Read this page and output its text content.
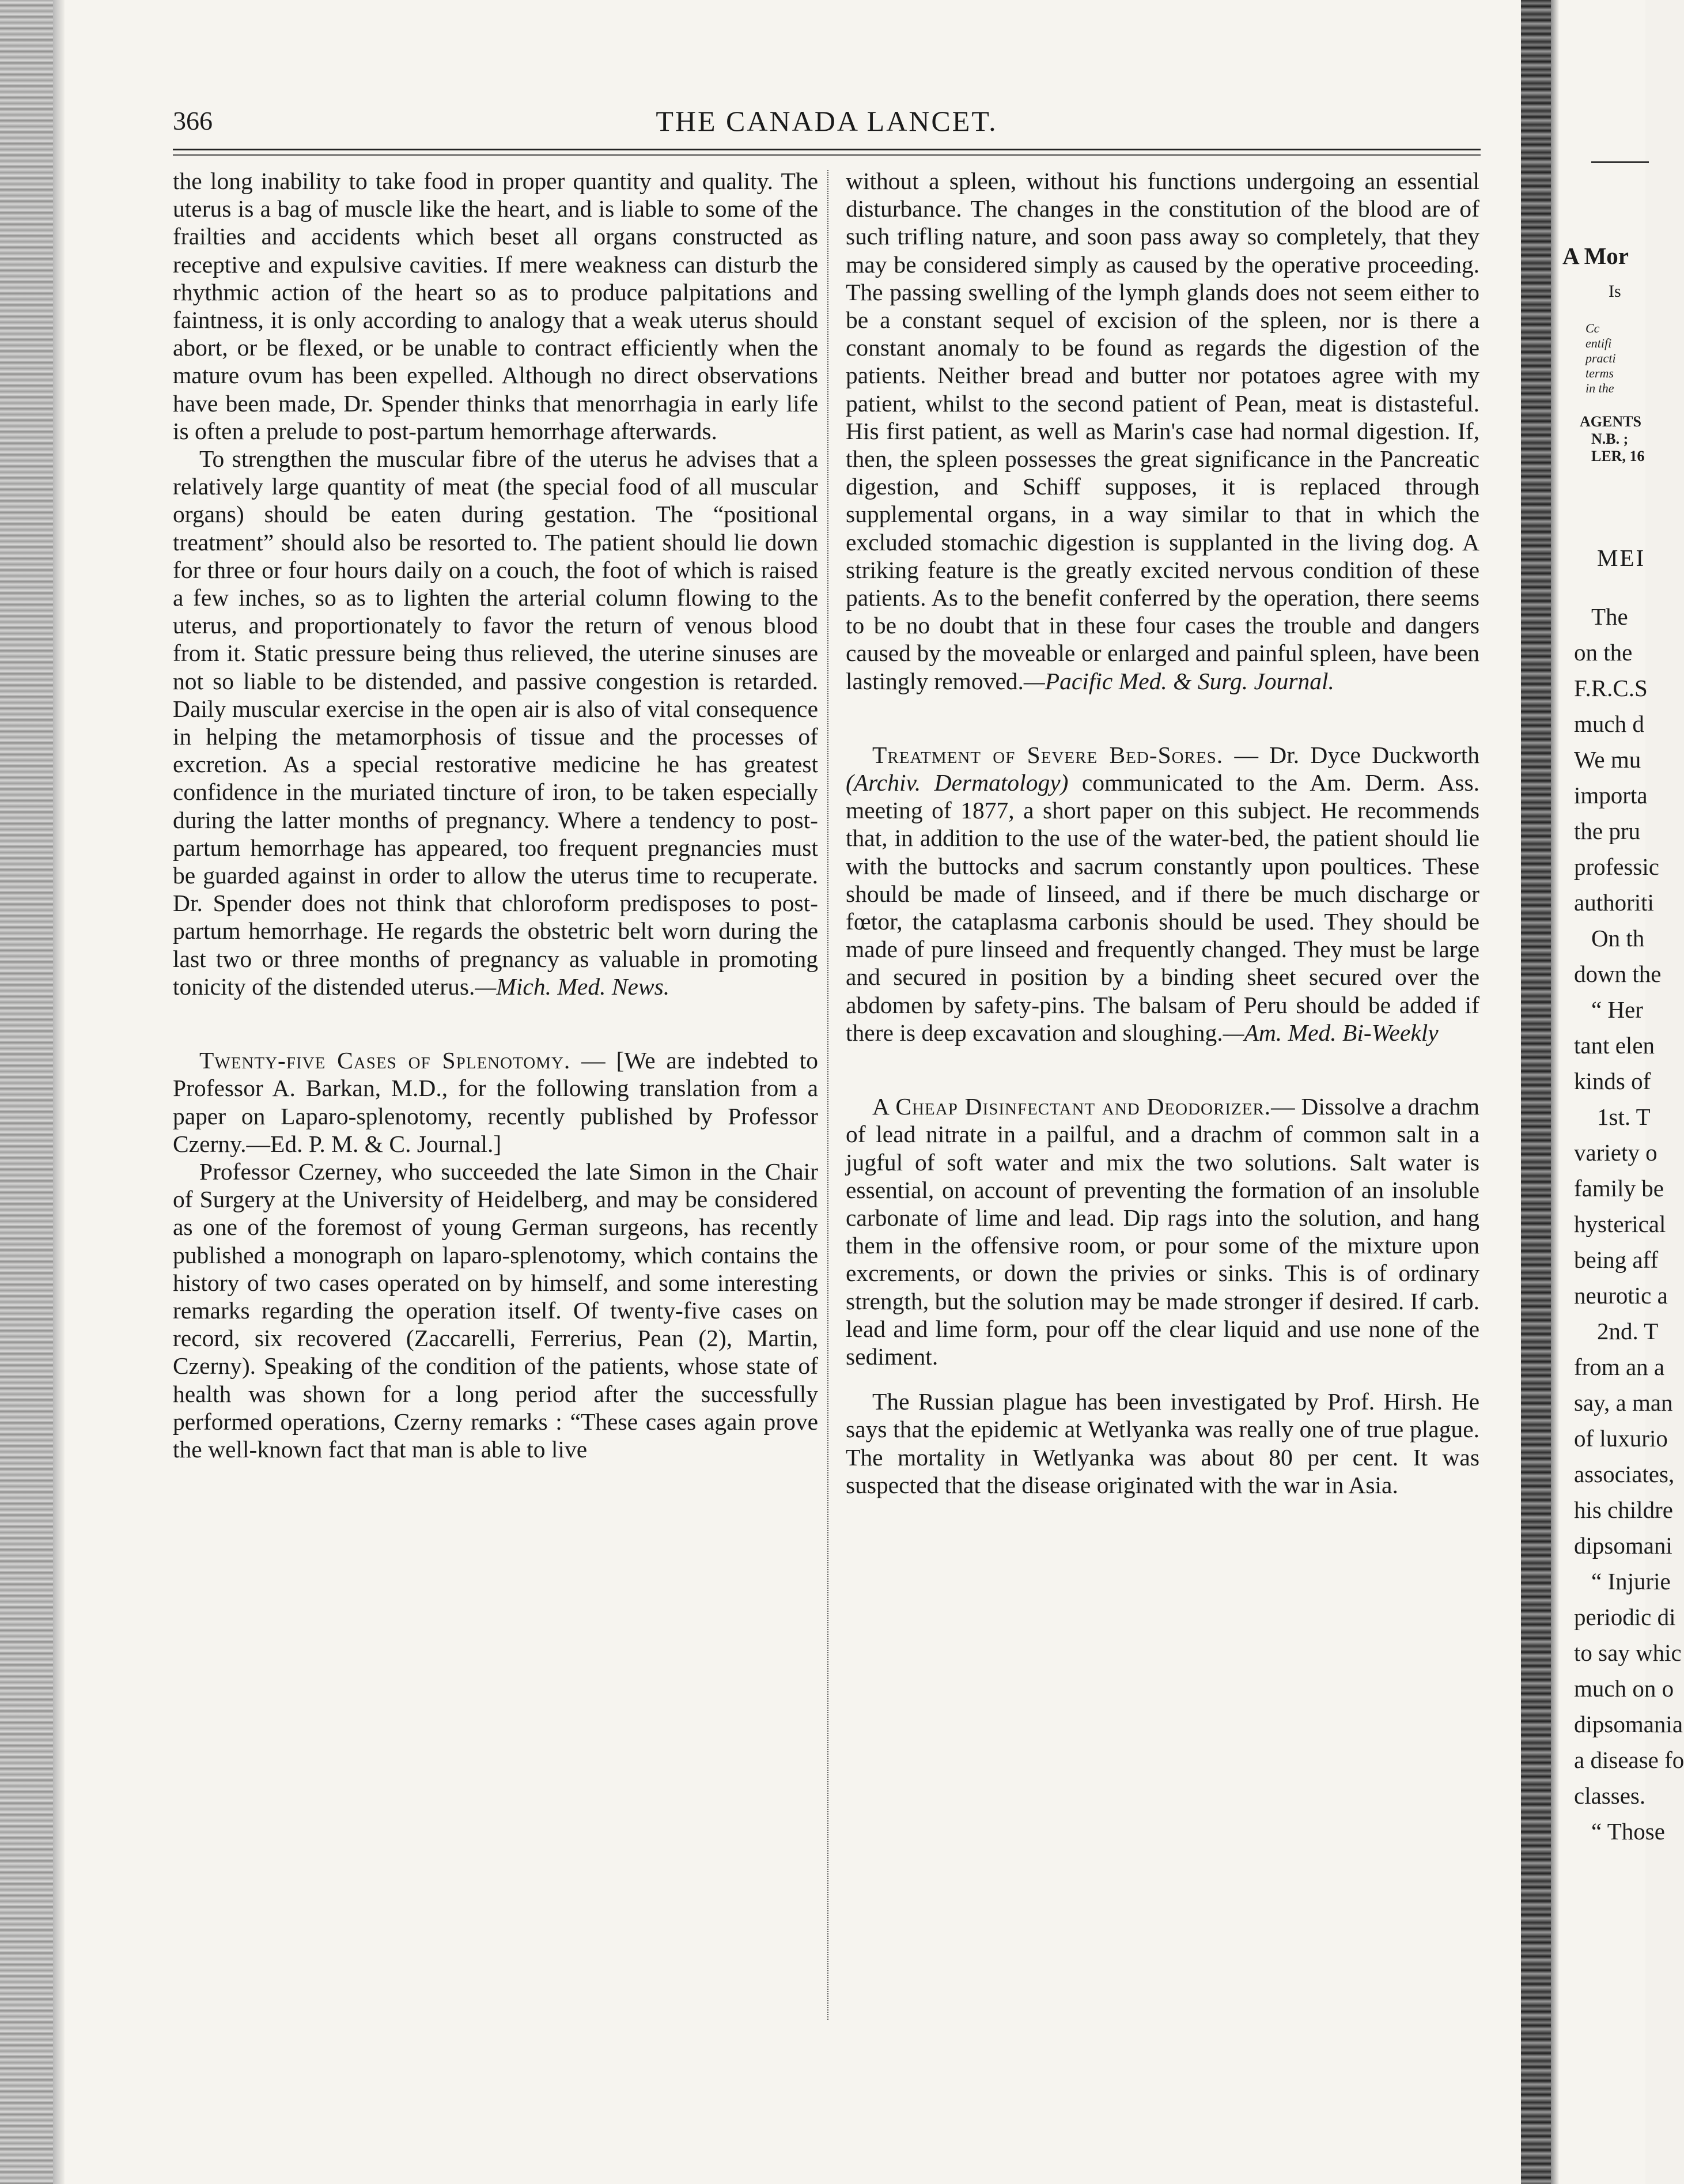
366	THE CANADA LANCET.

the long inability to take food in proper quantity and quality. The uterus is a bag of muscle like the heart, and is liable to some of the frailties and accidents which beset all organs constructed as receptive and expulsive cavities. If mere weakness can disturb the rhythmic action of the heart so as to produce palpitations and faintness, it is only according to analogy that a weak uterus should abort, or be flexed, or be unable to contract efficiently when the mature ovum has been expelled. Although no direct observations have been made, Dr. Spender thinks that menorrhagia in early life is often a prelude to post-partum hemorrhage afterwards.

To strengthen the muscular fibre of the uterus he advises that a relatively large quantity of meat (the special food of all muscular organs) should be eaten during gestation. The “positional treatment” should also be resorted to. The patient should lie down for three or four hours daily on a couch, the foot of which is raised a few inches, so as to lighten the arterial column flowing to the uterus, and proportionately to favor the return of venous blood from it. Static pressure being thus relieved, the uterine sinuses are not so liable to be distended, and passive congestion is retarded. Daily muscular exercise in the open air is also of vital consequence in helping the metamorphosis of tissue and the processes of excretion. As a special restorative medicine he has greatest confidence in the muriated tincture of iron, to be taken especially during the latter months of pregnancy. Where a tendency to post-partum hemorrhage has appeared, too frequent pregnancies must be guarded against in order to allow the uterus time to recuperate. Dr. Spender does not think that chloroform predisposes to post-partum hemorrhage. He regards the obstetric belt worn during the last two or three months of pregnancy as valuable in promoting tonicity of the distended uterus.—Mich. Med. News.

Twenty-five Cases of Splenotomy. — [We are indebted to Professor A. Barkan, M.D., for the following translation from a paper on Laparo-splenotomy, recently published by Professor Czerny.—Ed. P. M. & C. Journal.]

Professor Czerney, who succeeded the late Simon in the Chair of Surgery at the University of Heidelberg, and may be considered as one of the foremost of young German surgeons, has recently published a monograph on laparo-splenotomy, which contains the history of two cases operated on by himself, and some interesting remarks regarding the operation itself. Of twenty-five cases on record, six recovered (Zaccarelli, Ferrerius, Pean (2), Martin, Czerny). Speaking of the condition of the patients, whose state of health was shown for a long period after the successfully performed operations, Czerny remarks : “These cases again prove the well-known fact that man is able to live

without a spleen, without his functions undergoing an essential disturbance. The changes in the constitution of the blood are of such trifling nature, and soon pass away so completely, that they may be considered simply as caused by the operative proceeding. The passing swelling of the lymph glands does not seem either to be a constant sequel of excision of the spleen, nor is there a constant anomaly to be found as regards the digestion of the patients. Neither bread and butter nor potatoes agree with my patient, whilst to the second patient of Pean, meat is distasteful. His first patient, as well as Marin's case had normal digestion. If, then, the spleen possesses the great significance in the Pancreatic digestion, and Schiff supposes, it is replaced through supplemental organs, in a way similar to that in which the excluded stomachic digestion is supplanted in the living dog. A striking feature is the greatly excited nervous condition of these patients. As to the benefit conferred by the operation, there seems to be no doubt that in these four cases the trouble and dangers caused by the moveable or enlarged and painful spleen, have been lastingly removed.—Pacific Med. & Surg. Journal.

Treatment of Severe Bed-Sores. — Dr. Dyce Duckworth (Archiv. Dermatology) communicated to the Am. Derm. Ass. meeting of 1877, a short paper on this subject. He recommends that, in addition to the use of the water-bed, the patient should lie with the buttocks and sacrum constantly upon poultices. These should be made of linseed, and if there be much discharge or fœtor, the cataplasma carbonis should be used. They should be made of pure linseed and frequently changed. They must be large and secured in position by a binding sheet secured over the abdomen by safety-pins. The balsam of Peru should be added if there is deep excavation and sloughing.—Am. Med. Bi-Weekly

A Cheap Disinfectant and Deodorizer.— Dissolve a drachm of lead nitrate in a pailful, and a drachm of common salt in a jugful of soft water and mix the two solutions. Salt water is essential, on account of preventing the formation of an insoluble carbonate of lime and lead. Dip rags into the solution, and hang them in the offensive room, or pour some of the mixture upon excrements, or down the privies or sinks. This is of ordinary strength, but the solution may be made stronger if desired. If carb. lead and lime form, pour off the clear liquid and use none of the sediment.

The Russian plague has been investigated by Prof. Hirsh. He says that the epidemic at Wetlyanka was really one of true plague. The mortality in Wetlyanka was about 80 per cent. It was suspected that the disease originated with the war in Asia.

A Mor
Is
Cc
entifi
practi
terms
in the
AGENTS
N.B. ;
LER, 16
MEI
The
on the
F.R.C.S
much d
We mu
importa
the pru
professic
authoriti
On th
down the
“ Her
tant elen
kinds of
1st. T
variety o
family be
hysterical
being aff
neurotic a
2nd. T
from an a
say, a man
of luxurio
associates,
his childre
dipsomani
“ Injurie
periodic di
to say whic
much on o
dipsomania
a disease fo
classes.
“ Those
